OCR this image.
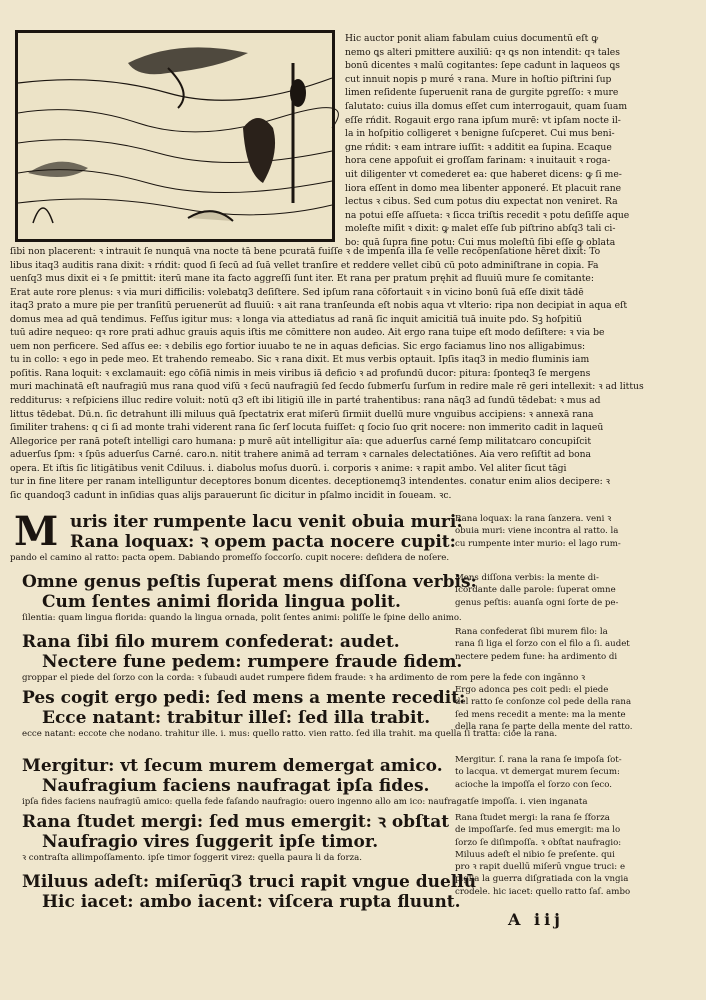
Hic auctor ponit aliam fabulam cuius documentū eſt ꝙ
nemo ꝗs alteri pmittere auxiliū: qꝛ ꝗs non intendit: qꝛ tales
bonū dicentes ꝛ malū cogitantes: ſepe cadunt in laqueos ꝗs
cut innuit nopis p muré ꝛ rana. Mure in hoſtio piſtrini ſup
limen reſidente ſuperuenit rana de gurgite pgreſſo: ꝛ mure
ſalutato: cuius illa domus eſſet cum interrogauit, quam ſuam
eſſe rńdit. Rogauit ergo rana ipſum murē: vt ipſam nocte il-
la in hoſpitio colligeret ꝛ benigne ſuſcperet. Cui mus beni-
gne rńdit: ꝛ eam intrare iuſſit: ꝛ additit ea ſupina. Ecaque
hora cene appoſuit ei groſſam farinam: ꝛ inuitauit ꝛ roga-
uit diligenter vt comederet ea: que haberet dicens: ꝙ ſi me-
liora eſſent in domo mea libenter apponeré. Et placuit rane
lectus ꝛ cibus. Sed cum potus diu expectat non veniret. Ra
na potui eſſe aſſueta: ꝛ ſicca triſtis recedit ꝛ potu deſiſſe aque
moleſte miſit ꝛ dixit: ꝙ malet eſſe ſub piſtrino abſq3 tali ci-
bo: quā ſupra fine potu: Cui mus moleſtū ſibi eſſe ꝙ oblata
ſibi non placerent: ꝛ intrauit ſe nunquā vna nocte tā bene pcuratā fuiſſe ꝛ de impenſa illa ſe velle recōpenſatione hēret dixit: To
libus itaq3 auditis rana dixit: ꝛ rńdit: quod ſi ſecū ad ſuā vellet tranſire et reddere vellet cibū cū poto adminiſtrane in copia. Fa
uenſq3 mus dixit ei ꝛ ſe pmittit: iterū mane ita facto aggreſſi ſunt iter. Et rana per pratum pręhit ad fluuiū mure ſe comitante:
Erat aute rore plenus: ꝛ via muri difficilis: volebatq3 deſiſtere. Sed ipſum rana cōfortauit ꝛ in vicino bonū ſuā eſſe dixit tādē
itaq3 prato a mure pie per tranſitū peruenerūt ad fluuiū: ꝛ ait rana tranſeunda eſt nobis aqua vt vlterio: ripa non decipiat in aqua eſt
domus mea ad quā tendimus. Feſſus igitur mus: ꝛ longa via attediatus ad ranā ſic inquit amicitiā tuā inuite pdo. Sꝫ hoſpitiū
tuū adire nequeo: qꝛ rore prati adhuc grauis aquis iſtis me cōmittere non audeo. Ait ergo rana tuipe eſt modo deſiſtere: ꝛ via be
uem non perficere. Sed aſſus ee: ꝛ debilis ego fortior iuuabo te ne in aquas deficias. Sic ergo faciamus lino nos alligabimus:
tu in collo: ꝛ ego in pede meo. Et trahendo remeabo. Sic ꝛ rana dixit. Et mus verbis optauit. Ipſis itaq3 in medio fluminis iam
poſitis. Rana loquit: ꝛ exclamauit: ego cōſiā nimis in meis viribus iā deficio ꝛ ad profundū ducor: pitura: ſponteq3 ſe mergens
muri machinatā eſt naufragiū mus rana quod viſū ꝛ ſecū naufragiū ſed ſecdo ſubmerſu ſurſum in redire male rē geri intellexit: ꝛ ad littus
redditurus: ꝛ reſpiciens illuc redire voluit: notū q3 eſt ibi litigiū ille in parté trahentibus: rana nāq3 ad ſundū tēdebat: ꝛ mus ad
littus tēdebat. Dū.n. ſic detrahunt illi miluus quā ſpectatrix erat miſerū ſirmiit duellū mure vnguibus accipiens: ꝛ annexā rana
ſimiliter trahens: q ci ſi ad monte trahi viderent rana ſic ſerſ locuta fuiſſet: q ſocio ſuo qrit nocere: non immerito cadit in laqueū
Allegorice per ranā poteſt intelligi caro humana: p murē aūt intelligitur aīa: que aduerſus carné ſemp militatcaro concupiſcit
aduerſus ſpm: ꝛ ſpūs aduerſus Carné. caro.n. nitit trahere animā ad terram ꝛ carnales delectatiōnes. Aia vero reſiſtit ad bona
opera. Et iſtis ſic litigātibus venit Cdiluus. i. diabolus moſus duorū. i. corporis ꝛ anime: ꝛ rapit ambo. Vel aliter ſicut tāgi
tur in fine litere per ranam intelliguntur deceptores bonum dicentes. deceptionemq3 intendentes. conatur enim alios decipere: ꝛ
ſic quandoq3 cadunt in inſidias quas alijs parauerunt ſic dicitur in pſalmo incidit in ſoueam. ꝛc.
M uris iter rumpente lacu venit obuia muri:
Rana loquax: ꝛ opem pacta nocere cupit:
pando el camino al ratto: pacta opem. Dabiando promeſſo ſoccorſo. cupit nocere: deſidera de noſere.
Omne genus peſtis ſuperat mens diſſona verbis:
Cum ſentes animi florida lingua polit.
ſilentia: quam lingua florida: quando la lingua ornada, polit ſentes animi: poliſſe le ſpine dello animo.
Rana ſibi filo murem confederat: audet.
Nectere fune pedem: rumpere fraude fidem.
groppar el piede del ſorzo con la corda: ꝛ ſubaudi audet rumpere fidem fraude: ꝛ ha ardimento de rom pere la fede con ingānno ꝛ
Pes cogit ergo pedi: ſed mens a mente recedit:
Ecce natant: trabitur illeſ: ſed illa trabit.
ecce natant: eccote che nodano. trahitur ille. i. mus: quello ratto. vien ratto. ſed illa trahit. ma quella ſi tratta: cioe la rana.
Mergitur: vt ſecum murem demergat amico.
Naufragium faciens naufragat ipſa fides.
ipſa fides faciens naufragiū amico: quella fede faſando naufragio: ouero ingenno allo am ico: naufragatſe impoſſa. i. vien inganata
Rana ſtudet mergi: ſed mus emergit: ꝛ obſtat
Naufragio vires ſuggerit ipſe timor.
ꝛ contraſta allimpoſſamento. ipſe timor ſoggerit virez: quella paura li da forza.
Miluus adeſt: miſerūq3 truci rapit vngue duellū
Hic iacet: ambo iacent: viſcera rupta fluunt.
Rana loquax: la rana ſanzera. veni ꝛ
obuia muri: viene incontra al ratto. la
cu rumpente inter murio: el lago rum-
Mens diſſona verbis: la mente di-
ſcordante dalle parole: ſuperat omne
genus peſtis: auanſa ogni ſorte de pe-
Rana confederat ſibi murem filo: la
rana ſi liga el ſorzo con el filo a ſi. audet
nectere pedem fune: ha ardimento di
Ergo adonca pes coit pedi: el piede
del ratto ſe conſonze col pede della rana
ſed mens recedit a mente: ma la mente
della rana ſe parte della mente del ratto.
Mergitur. ſ. rana la rana ſe impoſa ſot-
to lacqua. vt demergat murem ſecum:
acioche la impoſſa el ſorzo con ſeco.
Rana ſtudet mergi: la rana ſe ſforza
de impoſſarſe. ſed mus emergit: ma lo
ſorzo ſe diſimpoſſa. ꝛ obſtat naufragio:
Miluus adeſt el nibio ſe preſente. qui
pro ꝛ rapit duellū miſerū vngue truci: e
piglia la guerra diſgratiada con la vngia
crodele. hic iacet: quello ratto ſaſ. ambo
A iij
